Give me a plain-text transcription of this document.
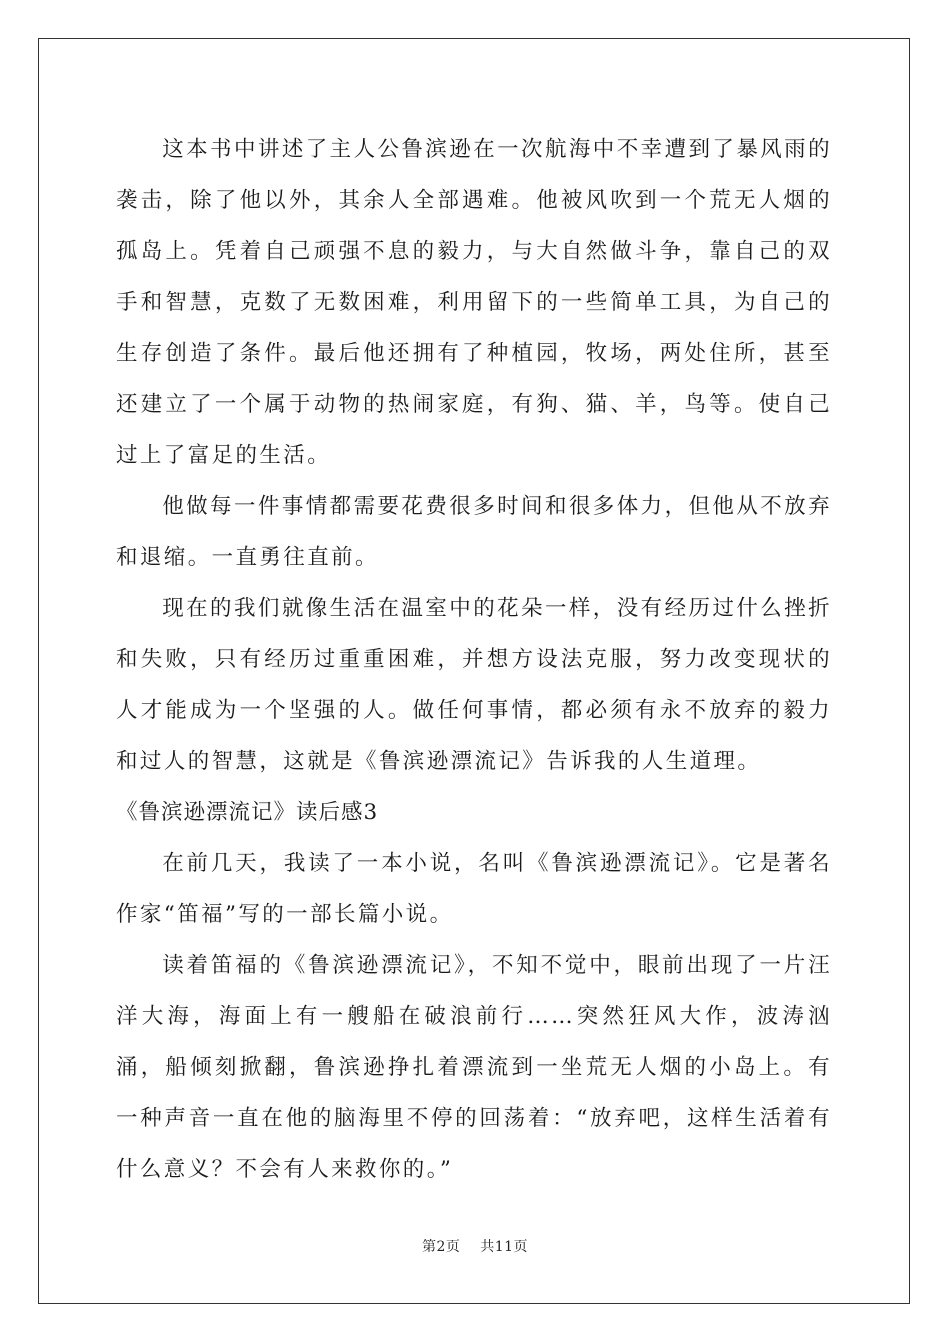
这本书中讲述了主人公鲁滨逊在一次航海中不幸遭到了暴风雨的袭击，除了他以外，其余人全部遇难。他被风吹到一个荒无人烟的孤岛上。凭着自己顽强不息的毅力，与大自然做斗争，靠自己的双手和智慧，克数了无数困难，利用留下的一些简单工具，为自己的生存创造了条件。最后他还拥有了种植园，牧场，两处住所，甚至还建立了一个属于动物的热闹家庭，有狗、猫、羊，鸟等。使自己过上了富足的生活。

他做每一件事情都需要花费很多时间和很多体力，但他从不放弃和退缩。一直勇往直前。

现在的我们就像生活在温室中的花朵一样，没有经历过什么挫折和失败，只有经历过重重困难，并想方设法克服，努力改变现状的人才能成为一个坚强的人。做任何事情，都必须有永不放弃的毅力和过人的智慧，这就是《鲁滨逊漂流记》告诉我的人生道理。

《鲁滨逊漂流记》读后感3

在前几天，我读了一本小说，名叫《鲁滨逊漂流记》。它是著名作家“笛福”写的一部长篇小说。

读着笛福的《鲁滨逊漂流记》，不知不觉中，眼前出现了一片汪洋大海，海面上有一艘船在破浪前行……突然狂风大作，波涛汹涌，船倾刻掀翻，鲁滨逊挣扎着漂流到一坐荒无人烟的小岛上。有一种声音一直在他的脑海里不停的回荡着：“放弃吧，这样生活着有什么意义？不会有人来救你的。”

第2页 共11页
